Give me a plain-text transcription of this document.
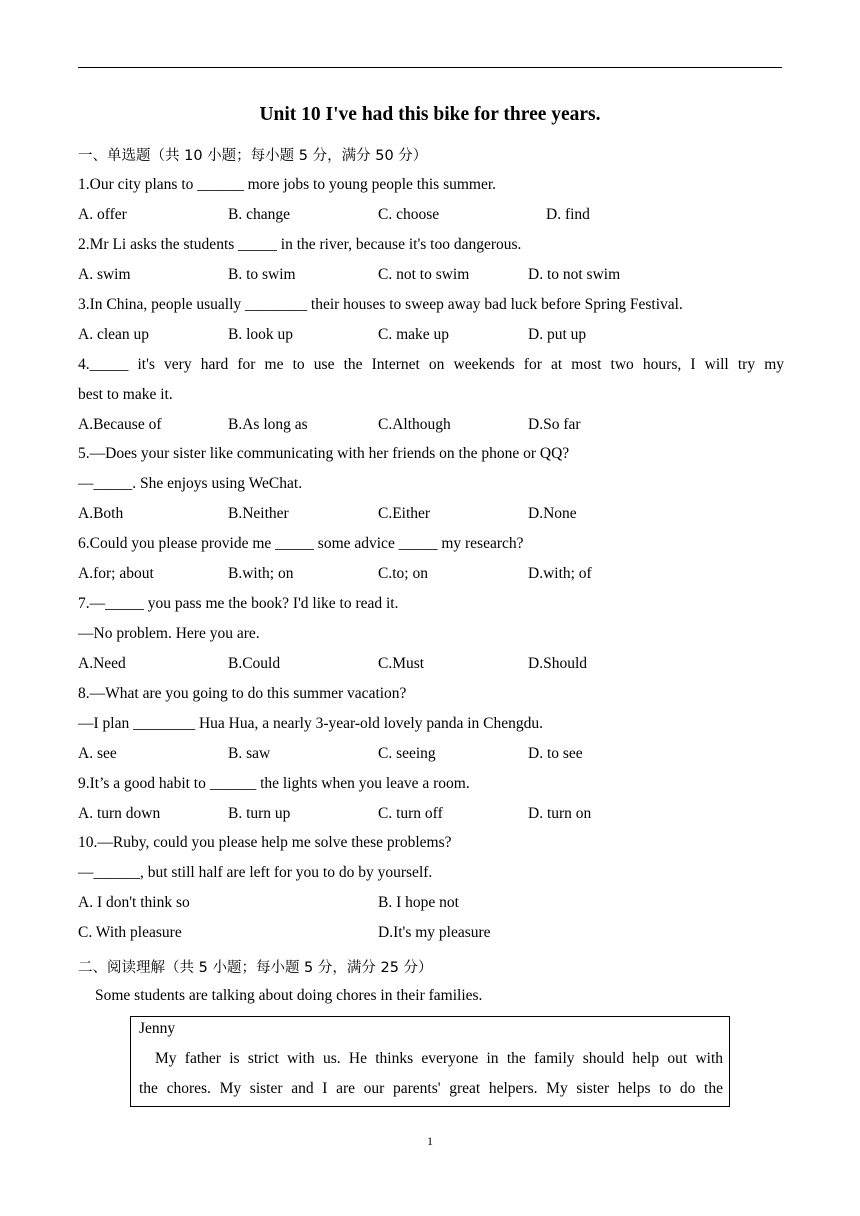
Unit 10 I've had this bike for three years.
一、单选题（共 10 小题；每小题 5 分，满分 50 分）
1.Our city plans to ______ more jobs to young people this summer.
A. offer	B. change	C. choose	D. find
2.Mr Li asks the students _____ in the river, because it's too dangerous.
A. swim	B. to swim	C. not to swim	D. to not swim
3.In China, people usually ________ their houses to sweep away bad luck before Spring Festival.
A. clean up	B. look up	C. make up	D. put up
4._____ it's very hard for me to use the Internet on weekends for at most two hours, I will try my
best to make it.
A.Because of	B.As long as	C.Although	D.So far
5.—Does your sister like communicating with her friends on the phone or QQ?
—_____. She enjoys using WeChat.
A.Both	B.Neither	C.Either	D.None
6.Could you please provide me _____ some advice _____ my research?
A.for; about	B.with; on	C.to; on	D.with; of
7.—_____ you pass me the book? I'd like to read it.
—No problem. Here you are.
A.Need	B.Could	C.Must	D.Should
8.—What are you going to do this summer vacation?
—I plan ________ Hua Hua, a nearly 3-year-old lovely panda in Chengdu.
A. see	B. saw	C. seeing	D. to see
9.It’s a good habit to ______ the lights when you leave a room.
A. turn down	B. turn up	C. turn off	D. turn on
10.—Ruby, could you please help me solve these problems?
—______, but still half are left for you to do by yourself.
A. I don't think so	B. I hope not
C. With pleasure	D.It's my pleasure
二、阅读理解（共 5 小题；每小题 5 分，满分 25 分）
Some students are talking about doing chores in their families.
Jenny
My father is strict with us. He thinks everyone in the family should help out with
the chores. My sister and I are our parents' great helpers. My sister helps to do the
1
